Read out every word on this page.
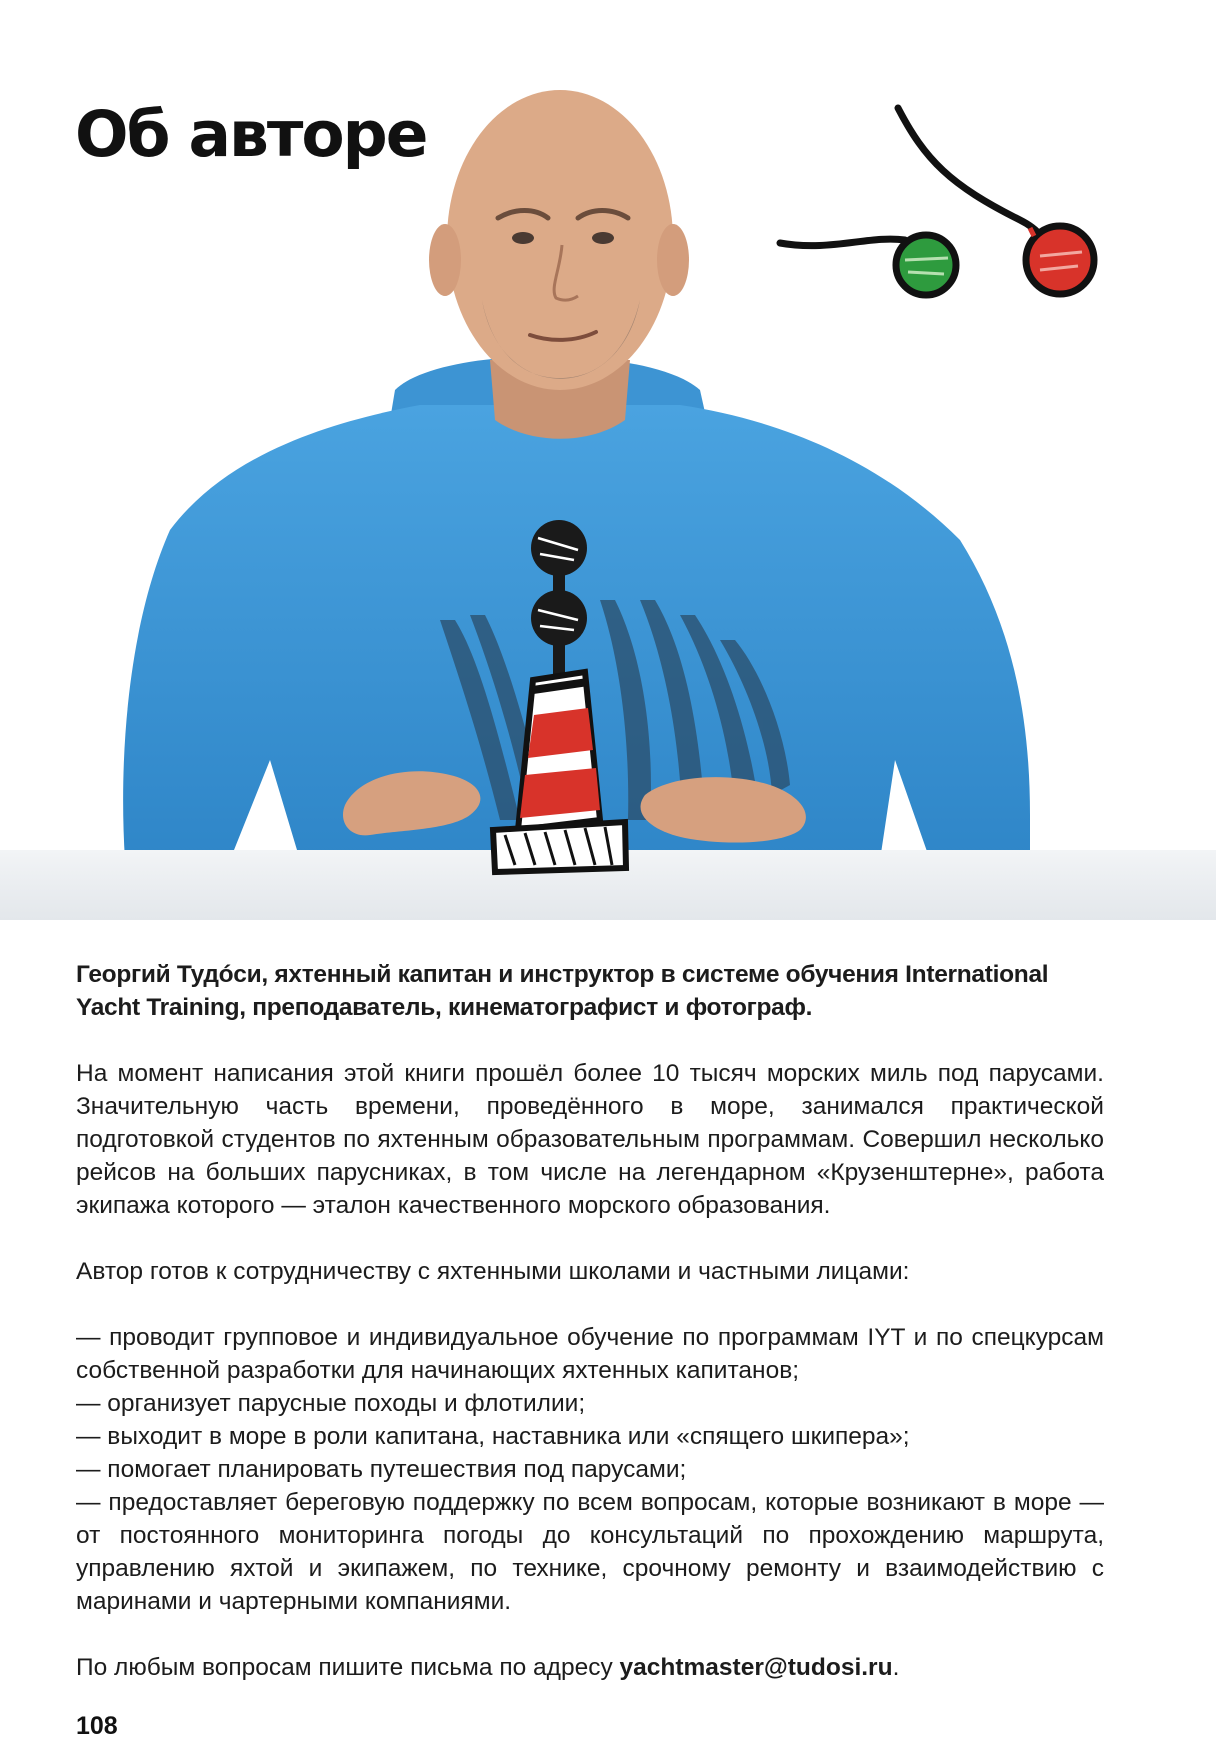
Об авторе

Георгий Тудóси, яхтенный капитан и инструктор в системе обучения International Yacht Training, преподаватель, кинематографист и фотограф.

На момент написания этой книги прошёл более 10 тысяч морских миль под парусами. Значительную часть времени, проведённого в море, занимался практической подготовкой студентов по яхтенным образовательным программам. Совершил несколько рейсов на больших парусниках, в том числе на легендарном «Крузенштерне», работа экипажа которого — эталон качественного морского образования.

Автор готов к сотрудничеству с яхтенными школами и частными лицами:

— проводит групповое и индивидуальное обучение по программам IYT и по спецкурсам собственной разработки для начинающих яхтенных капитанов;
— организует парусные походы и флотилии;
— выходит в море в роли капитана, наставника или «спящего шкипера»;
— помогает планировать путешествия под парусами;
— предоставляет береговую поддержку по всем вопросам, которые возникают в море — от постоянного мониторинга погоды до консультаций по прохождению маршрута, управлению яхтой и экипажем, по технике, срочному ремонту и взаимодействию с маринами и чартерными компаниями.

По любым вопросам пишите письма по адресу yachtmaster@tudosi.ru.

108
